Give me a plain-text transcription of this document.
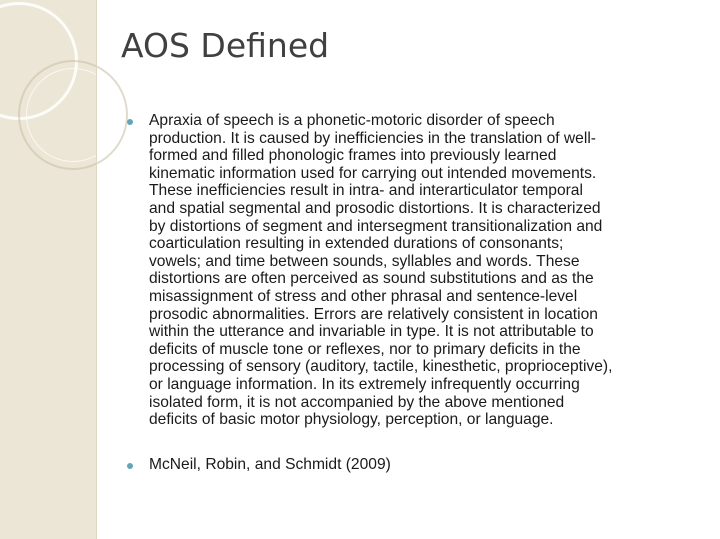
AOS Defined
Apraxia of speech is a phonetic-motoric disorder of speech
production. It is caused by inefficiencies in the translation of well-
formed and filled phonologic frames into previously learned
kinematic information used for carrying out intended movements.
These inefficiencies result in intra- and interarticulator temporal
and spatial segmental and prosodic distortions. It is characterized
by distortions of segment and intersegment transitionalization and
coarticulation resulting in extended durations of consonants;
vowels; and time between sounds, syllables and words. These
distortions are often perceived as sound substitutions and as the
misassignment of stress and other phrasal and sentence-level
prosodic abnormalities. Errors are relatively consistent in location
within the utterance and invariable in type. It is not attributable to
deficits of muscle tone or reflexes, nor to primary deficits in the
processing of sensory (auditory, tactile, kinesthetic, proprioceptive),
or language information. In its extremely infrequently occurring
isolated form, it is not accompanied by the above mentioned
deficits of basic motor physiology, perception, or language.
McNeil, Robin, and Schmidt (2009)
